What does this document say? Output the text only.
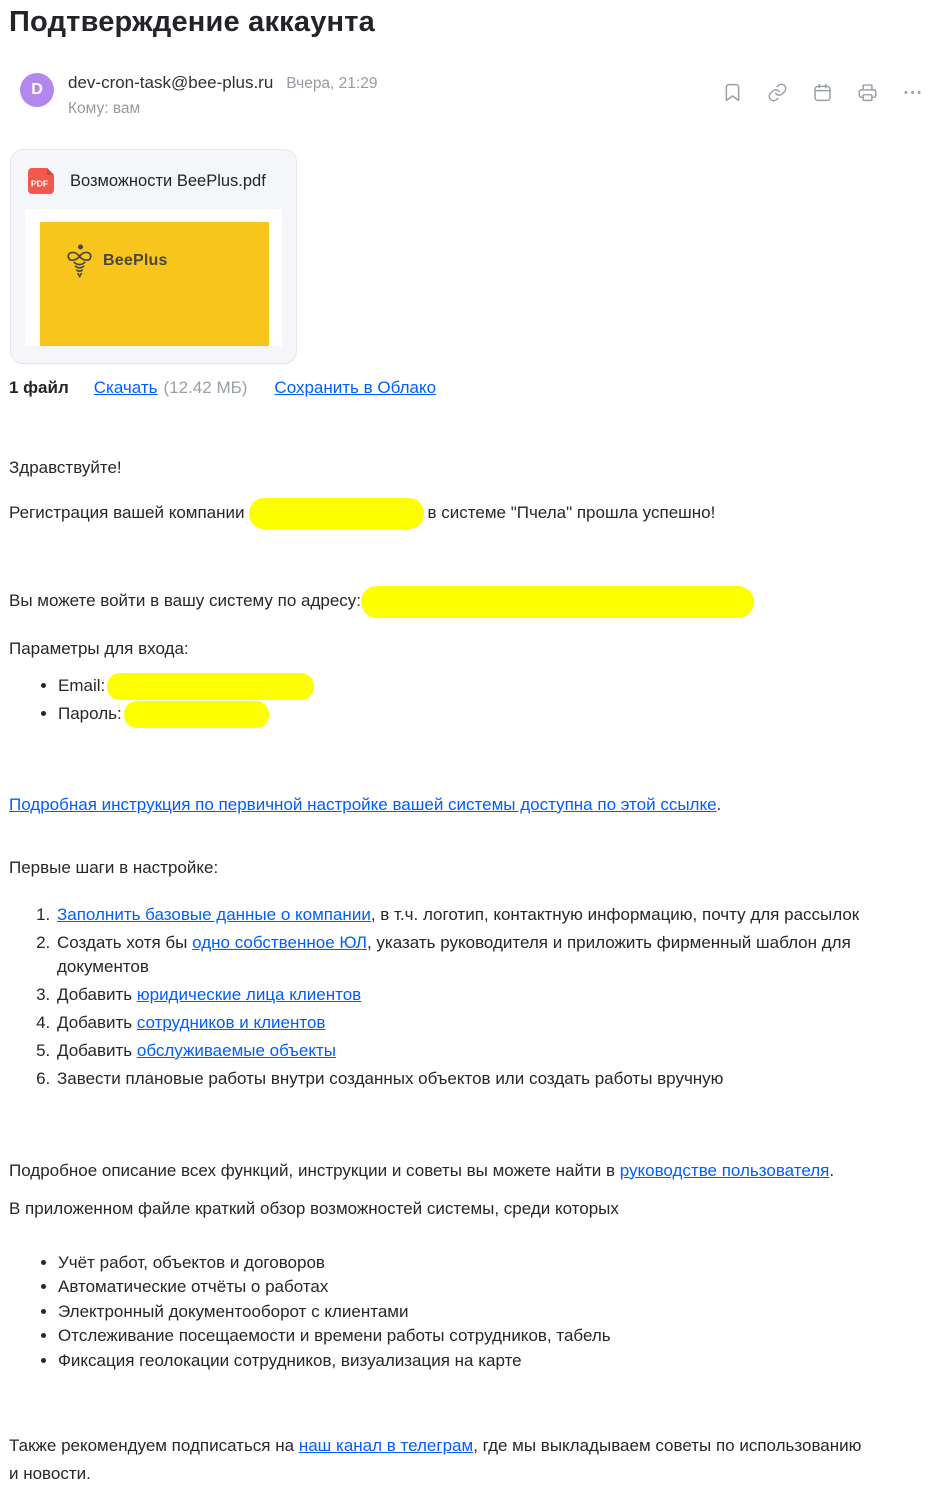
Подтверждение аккаунта
D	dev-cron-task@bee-plus.ru Вчера, 21:29
Кому: вам
PDF Возможности BeePlus.pdf
BeePlus
1 файл Скачать (12.42 МБ) Сохранить в Облако

Здравствуйте!

Регистрация вашей компании	в системе "Пчела" прошла успешно!

Вы можете войти в вашу систему по адресу:

Параметры для входа:

• Email:
• Пароль:

Подробная инструкция по первичной настройке вашей системы доступна по этой ссылке.

Первые шаги в настройке:

1. Заполнить базовые данные о компании, в т.ч. логотип, контактную информацию, почту для рассылок
2. Создать хотя бы одно собственное ЮЛ, указать руководителя и приложить фирменный шаблон для документов
3. Добавить юридические лица клиентов
4. Добавить сотрудников и клиентов
5. Добавить обслуживаемые объекты
6. Завести плановые работы внутри созданных объектов или создать работы вручную

Подробное описание всех функций, инструкции и советы вы можете найти в руководстве пользователя.

В приложенном файле краткий обзор возможностей системы, среди которых

• Учёт работ, объектов и договоров
• Автоматические отчёты о работах
• Электронный документооборот с клиентами
• Отслеживание посещаемости и времени работы сотрудников, табель
• Фиксация геолокации сотрудников, визуализация на карте

Также рекомендуем подписаться на наш канал в телеграм, где мы выкладываем советы по использованию и новости.
